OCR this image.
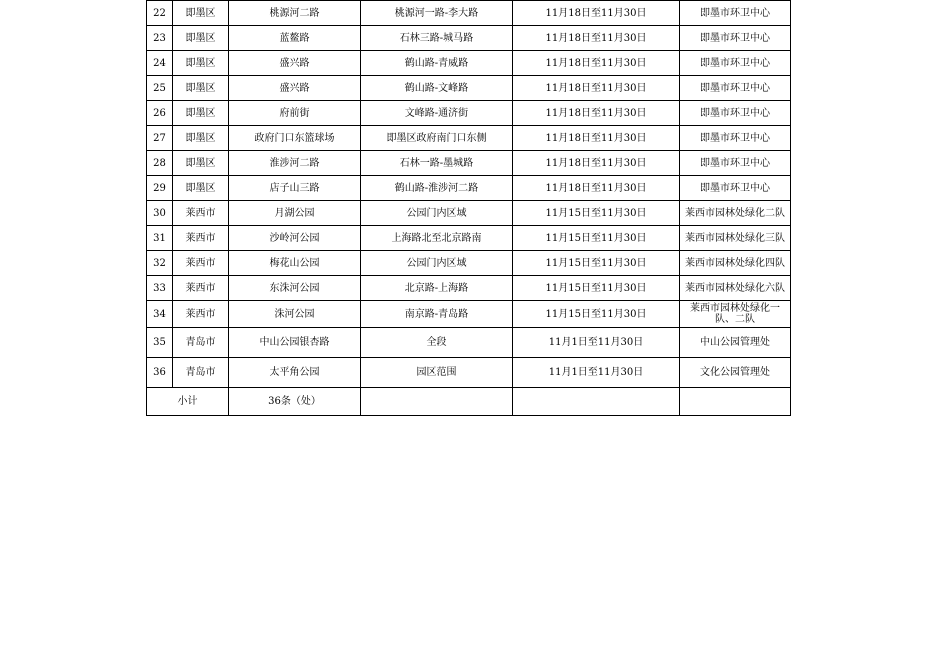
22	即墨区	桃源河二路	桃源河一路-李大路	11月18日至11月30日	即墨市环卫中心
23	即墨区	蓝鳌路	石林三路-城马路	11月18日至11月30日	即墨市环卫中心
24	即墨区	盛兴路	鹤山路-青威路	11月18日至11月30日	即墨市环卫中心
25	即墨区	盛兴路	鹤山路-文峰路	11月18日至11月30日	即墨市环卫中心
26	即墨区	府前街	文峰路-通济街	11月18日至11月30日	即墨市环卫中心
27	即墨区	政府门口东篮球场	即墨区政府南门口东侧	11月18日至11月30日	即墨市环卫中心
28	即墨区	淮涉河二路	石林一路-墨城路	11月18日至11月30日	即墨市环卫中心
29	即墨区	店子山三路	鹤山路-淮涉河二路	11月18日至11月30日	即墨市环卫中心
30	莱西市	月湖公园	公园门内区域	11月15日至11月30日	莱西市园林处绿化二队
31	莱西市	沙岭河公园	上海路北至北京路南	11月15日至11月30日	莱西市园林处绿化三队
32	莱西市	梅花山公园	公园门内区域	11月15日至11月30日	莱西市园林处绿化四队
33	莱西市	东洙河公园	北京路-上海路	11月15日至11月30日	莱西市园林处绿化六队
34	莱西市	洙河公园	南京路-青岛路	11月15日至11月30日	莱西市园林处绿化一队、二队
35	青岛市	中山公园银杏路	全段	11月1日至11月30日	中山公园管理处
36	青岛市	太平角公园	园区范围	11月1日至11月30日	文化公园管理处
小计		36条（处）			
